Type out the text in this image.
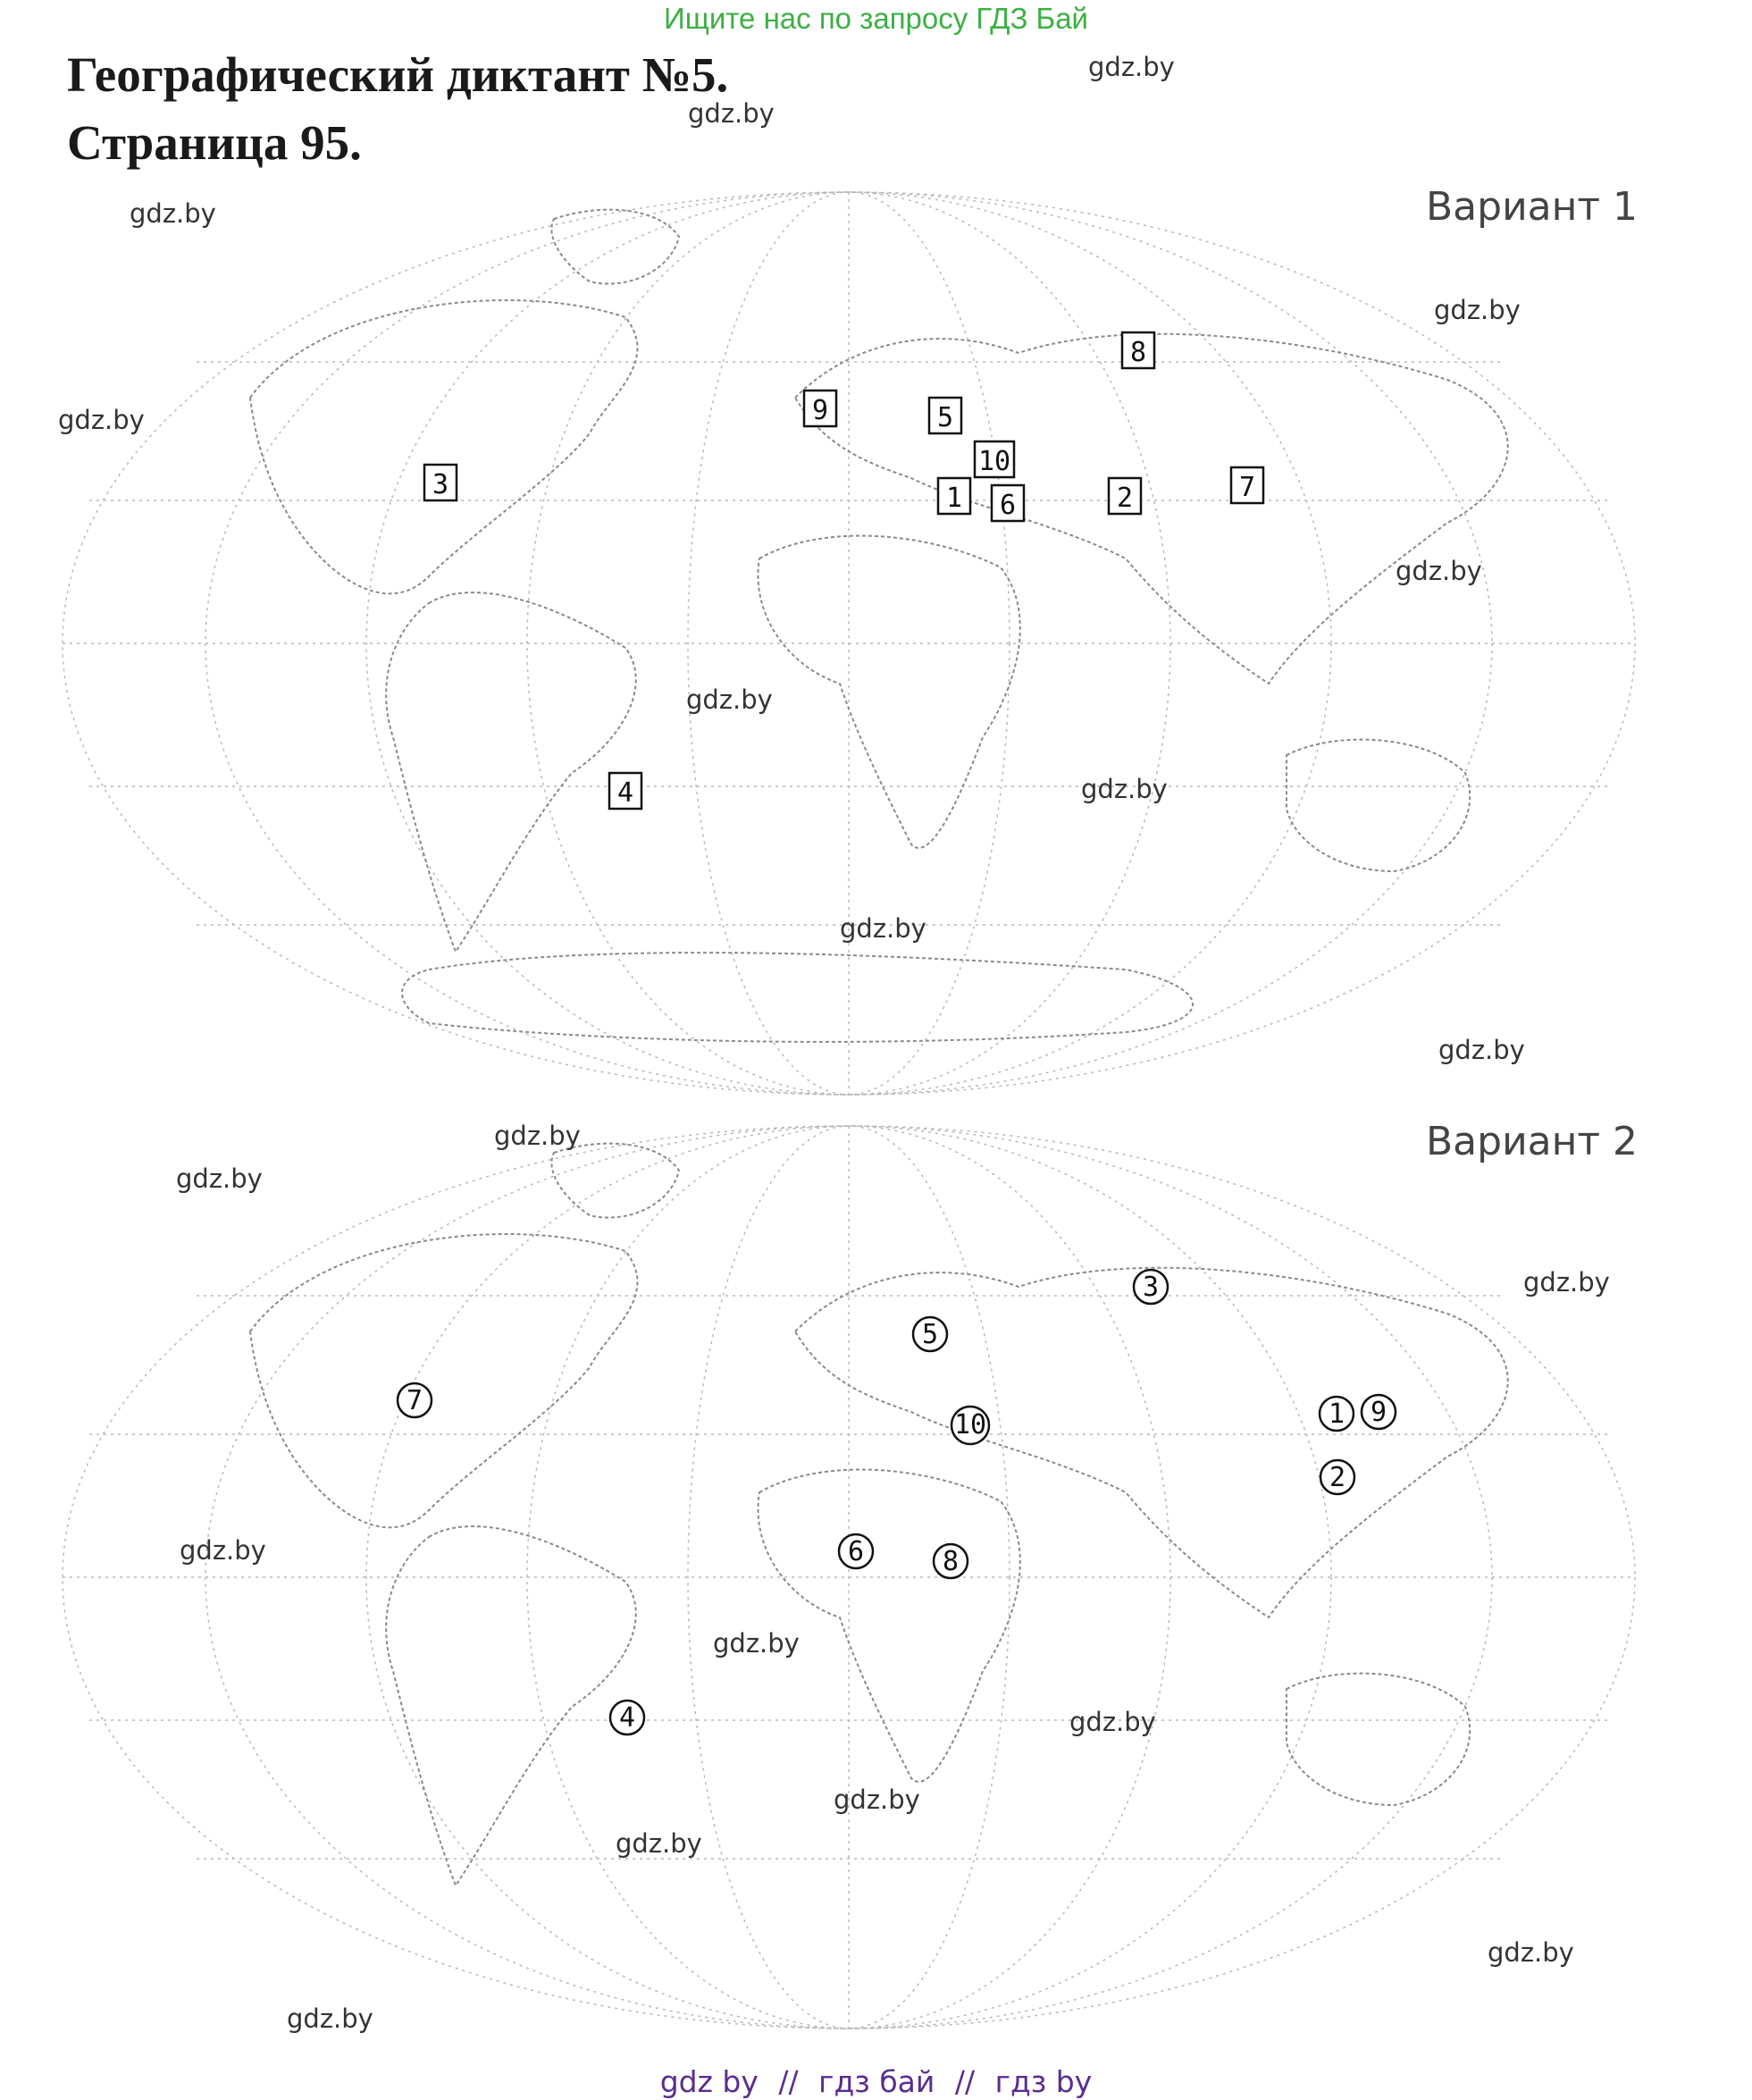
Ищите нас по запросу ГДЗ Бай
Географический диктант №5.
Страница 95.
Вариант 1
Вариант 2
1	2
3
4
5
6
7
8
9
10
1
2
3
4
5
6
7
8
9
10
gdz.by
gdz.by
gdz.by
gdz.by
gdz.by
gdz.by
gdz.by
gdz.by
gdz.by
gdz.by
gdz.by
gdz.by
gdz.by
gdz.by
gdz.by
gdz.by
gdz.by
gdz.by
gdz.by
gdz.by
gdz by // гдз бай // гдз by
